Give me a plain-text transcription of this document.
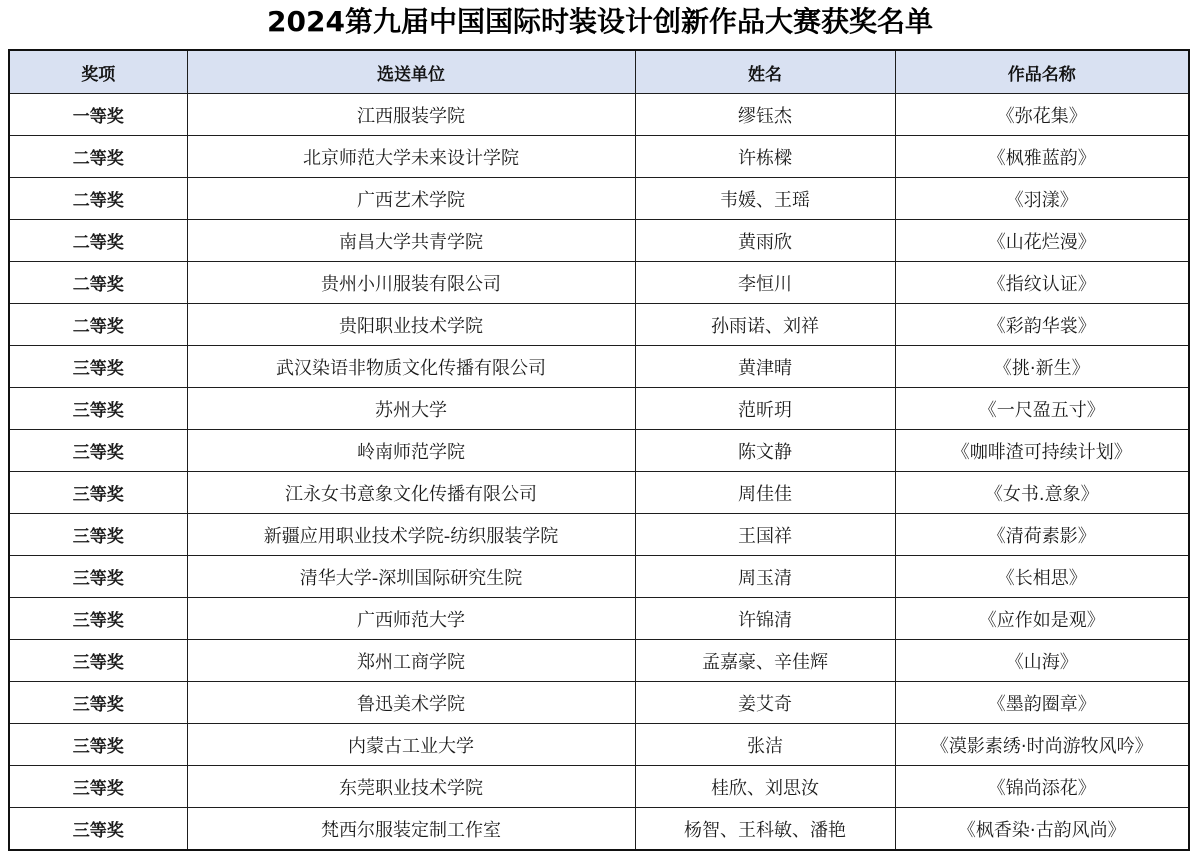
2024第九届中国国际时装设计创新作品大赛获奖名单
奖项	选送单位	姓名	作品名称
一等奖	江西服装学院	缪钰杰	《弥花集》
二等奖	北京师范大学未来设计学院	许栋樑	《枫雅蓝韵》
二等奖	广西艺术学院	韦媛、王瑶	《羽漾》
二等奖	南昌大学共青学院	黄雨欣	《山花烂漫》
二等奖	贵州小川服装有限公司	李恒川	《指纹认证》
二等奖	贵阳职业技术学院	孙雨诺、刘祥	《彩韵华裳》
三等奖	武汉染语非物质文化传播有限公司	黄津晴	《挑·新生》
三等奖	苏州大学	范昕玥	《一尺盈五寸》
三等奖	岭南师范学院	陈文静	《咖啡渣可持续计划》
三等奖	江永女书意象文化传播有限公司	周佳佳	《女书.意象》
三等奖	新疆应用职业技术学院-纺织服装学院	王国祥	《清荷素影》
三等奖	清华大学-深圳国际研究生院	周玉清	《长相思》
三等奖	广西师范大学	许锦清	《应作如是观》
三等奖	郑州工商学院	孟嘉豪、辛佳辉	《山海》
三等奖	鲁迅美术学院	姜艾奇	《墨韵圈章》
三等奖	内蒙古工业大学	张洁	《漠影素绣·时尚游牧风吟》
三等奖	东莞职业技术学院	桂欣、刘思汝	《锦尚添花》
三等奖	梵西尔服装定制工作室	杨智、王科敏、潘艳	《枫香染·古韵风尚》
